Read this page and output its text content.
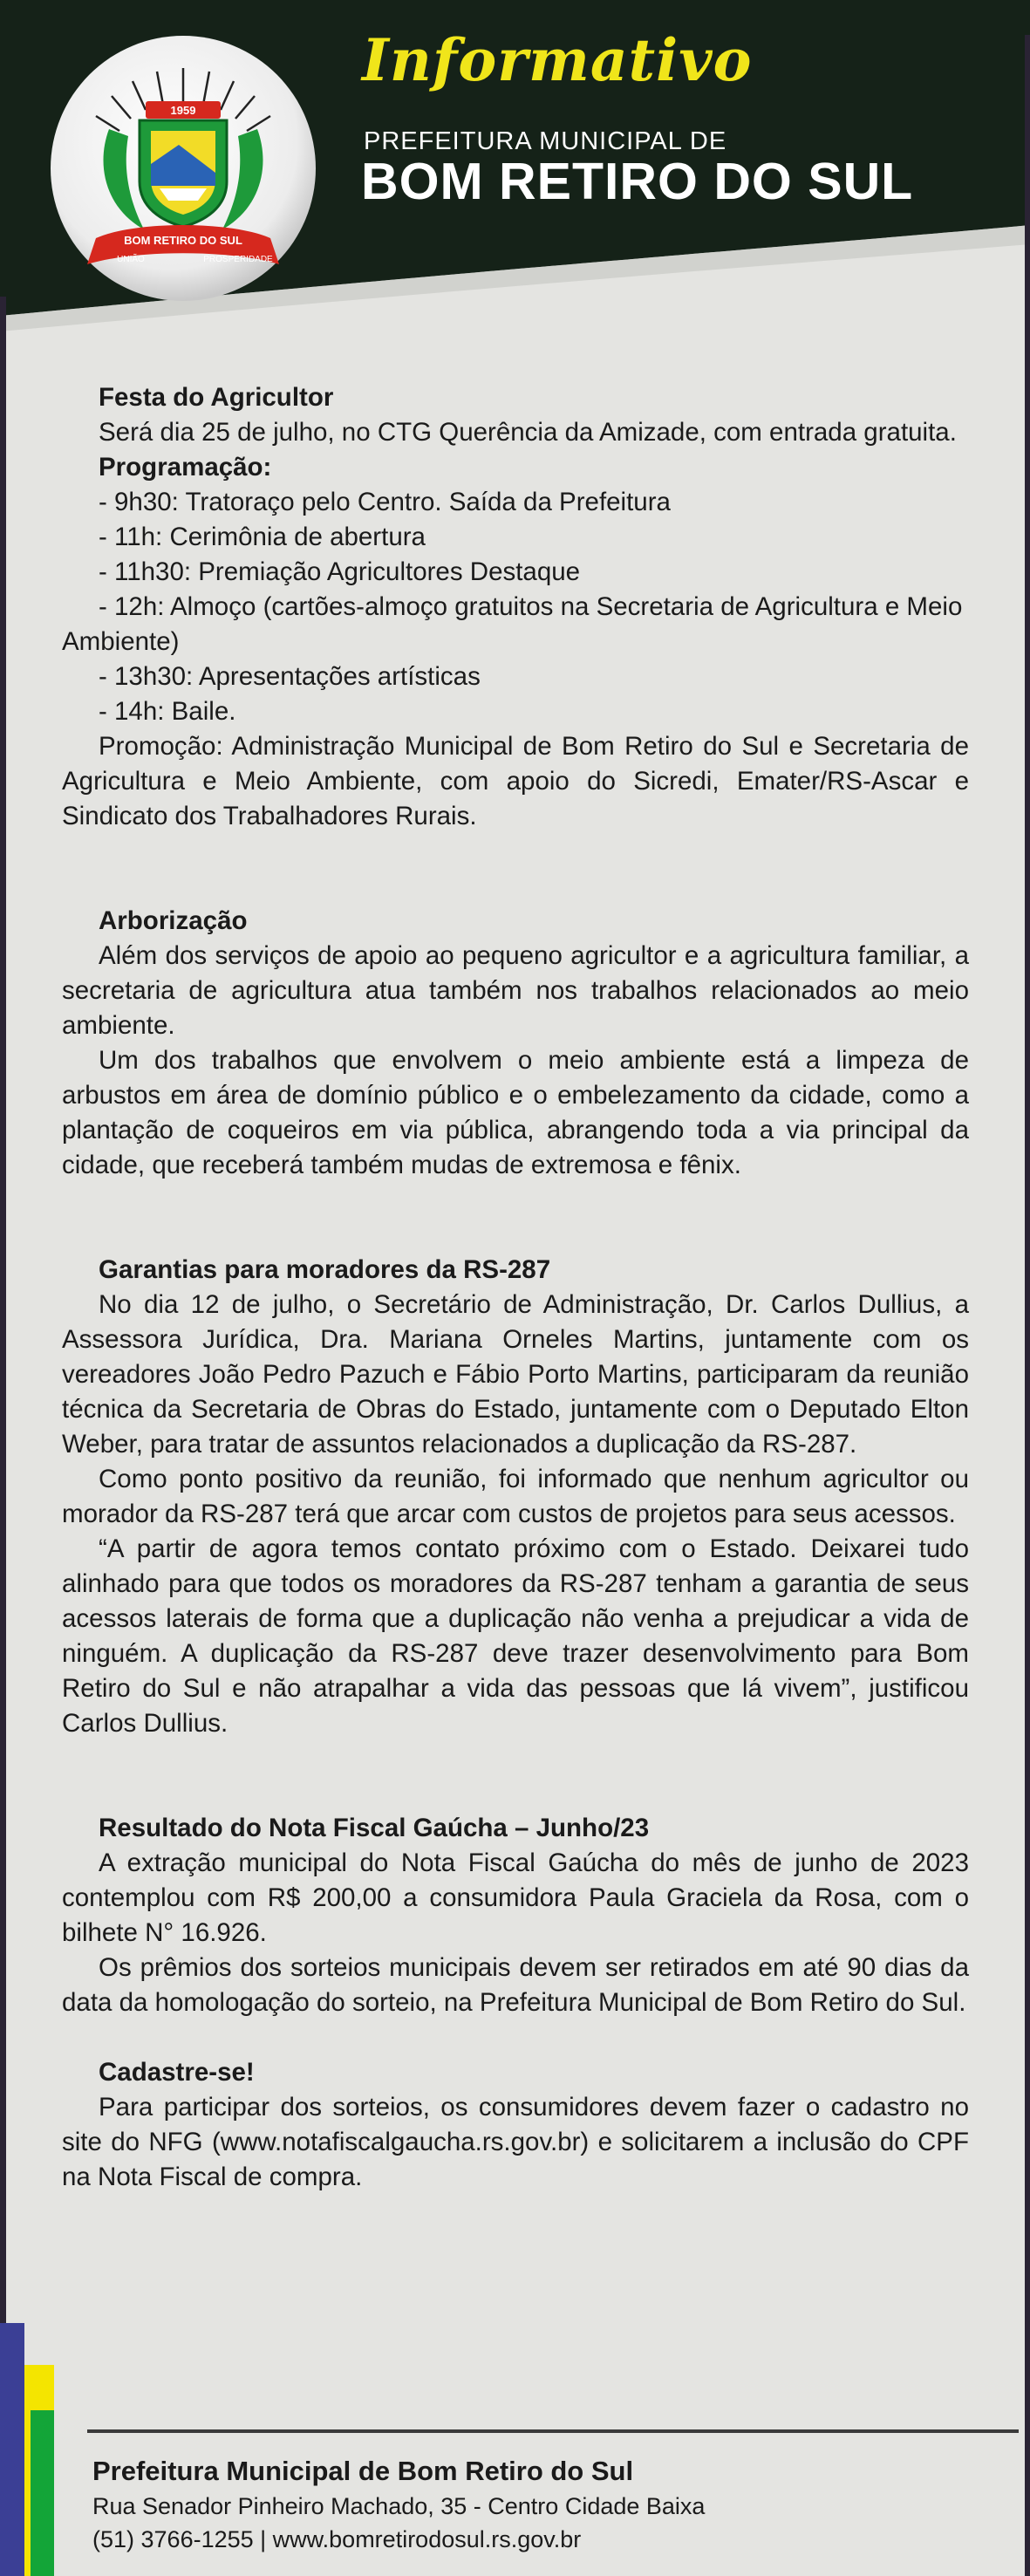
1959
BOM RETIRO DO SUL
UNIÃO	PROSPERIDADE
Informativo
PREFEITURA MUNICIPAL DE
BOM RETIRO DO SUL

Festa do Agricultor

Será dia 25 de julho, no CTG Querência da Amizade, com entrada gratuita.

Programação:

- 9h30: Tratoraço pelo Centro. Saída da Prefeitura

- 11h: Cerimônia de abertura

- 11h30: Premiação Agricultores Destaque

- 12h: Almoço (cartões-almoço gratuitos na Secretaria de Agricultura e Meio Ambiente)

- 13h30: Apresentações artísticas

- 14h: Baile.

Promoção: Administração Municipal de Bom Retiro do Sul e Secretaria de Agricultura e Meio Ambiente, com apoio do Sicredi, Emater/RS-Ascar e Sindicato dos Trabalhadores Rurais.

Arborização

Além dos serviços de apoio ao pequeno agricultor e a agricultura familiar, a secretaria de agricultura atua também nos trabalhos relacionados ao meio ambiente.

Um dos trabalhos que envolvem o meio ambiente está a limpeza de arbustos em área de domínio público e o embelezamento da cidade, como a plantação de coqueiros em via pública, abrangendo toda a via principal da cidade, que receberá também mudas de extremosa e fênix.

Garantias para moradores da RS-287

No dia 12 de julho, o Secretário de Administração, Dr. Carlos Dullius, a Assessora Jurídica, Dra. Mariana Orneles Martins, juntamente com os vereadores João Pedro Pazuch e Fábio Porto Martins, participaram da reunião técnica da Secretaria de Obras do Estado, juntamente com o Deputado Elton Weber, para tratar de assuntos relacionados a duplicação da RS-287.

Como ponto positivo da reunião, foi informado que nenhum agricultor ou morador da RS-287 terá que arcar com custos de projetos para seus acessos.

“A partir de agora temos contato próximo com o Estado. Deixarei tudo alinhado para que todos os moradores da RS-287 tenham a garantia de seus acessos laterais de forma que a duplicação não venha a prejudicar a vida de ninguém. A duplicação da RS-287 deve trazer desenvolvimento para Bom Retiro do Sul e não atrapalhar a vida das pessoas que lá vivem”, justificou Carlos Dullius.

Resultado do Nota Fiscal Gaúcha – Junho/23

A extração municipal do Nota Fiscal Gaúcha do mês de junho de 2023 contemplou com R$ 200,00 a consumidora Paula Graciela da Rosa, com o bilhete N° 16.926.

Os prêmios dos sorteios municipais devem ser retirados em até 90 dias da data da homologação do sorteio, na Prefeitura Municipal de Bom Retiro do Sul.

Cadastre-se!

Para participar dos sorteios, os consumidores devem fazer o cadastro no site do NFG (www.notafiscalgaucha.rs.gov.br) e solicitarem a inclusão do CPF na Nota Fiscal de compra.

Prefeitura Municipal de Bom Retiro do Sul
Rua Senador Pinheiro Machado, 35 - Centro Cidade Baixa
(51) 3766-1255 | www.bomretirodosul.rs.gov.br
